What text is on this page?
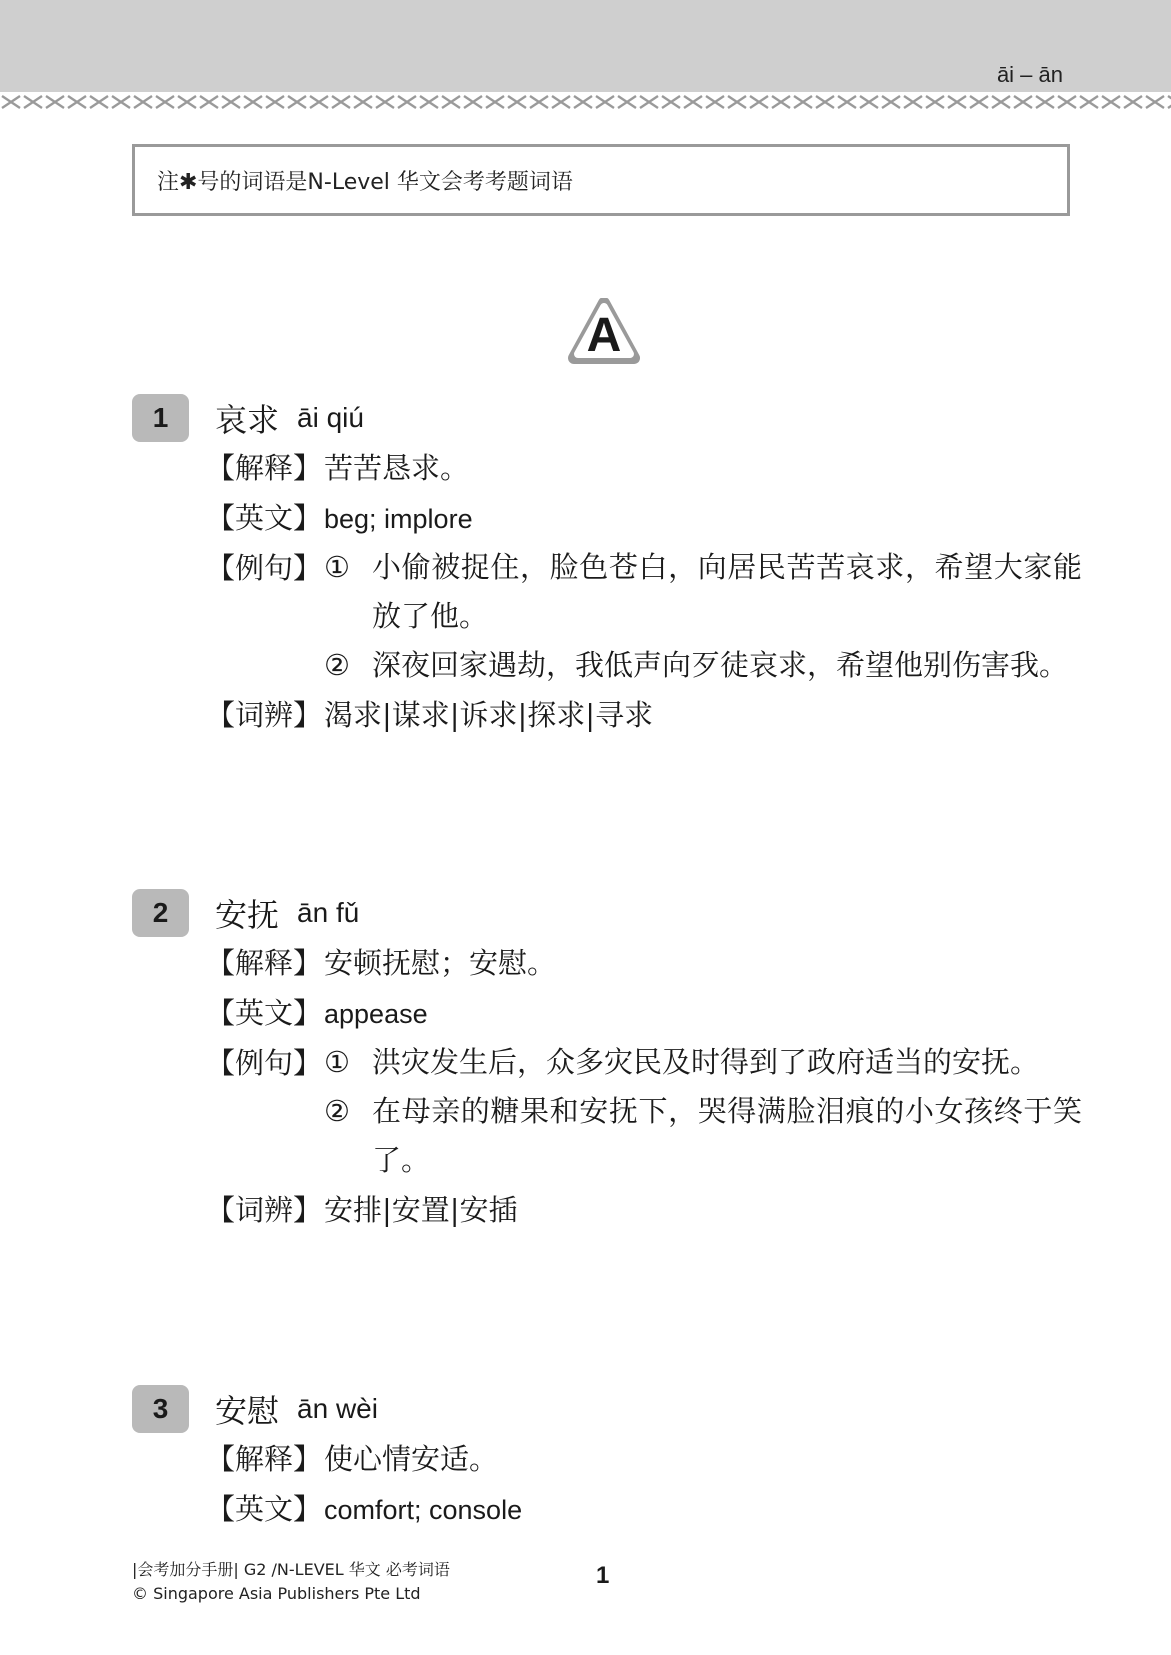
āi – ān
注✱号的词语是N-Level 华文会考考题词语
A
1	哀求 āi qiú
【解释】苦苦恳求。
【英文】beg; implore
【例句】 ① 小偷被捉住，脸色苍白，向居民苦苦哀求，希望大家能放了他。
② 深夜回家遇劫，我低声向歹徒哀求，希望他别伤害我。
【词辨】渴求|谋求|诉求|探求|寻求
2	安抚 ān fǔ
【解释】安顿抚慰；安慰。
【英文】appease
【例句】 ① 洪灾发生后，众多灾民及时得到了政府适当的安抚。
② 在母亲的糖果和安抚下，哭得满脸泪痕的小女孩终于笑了。
【词辨】安排|安置|安插
3	安慰 ān wèi
【解释】使心情安适。
【英文】comfort; console
|会考加分手册| G2 /N-LEVEL 华文 必考词语
© Singapore Asia Publishers Pte Ltd
1
